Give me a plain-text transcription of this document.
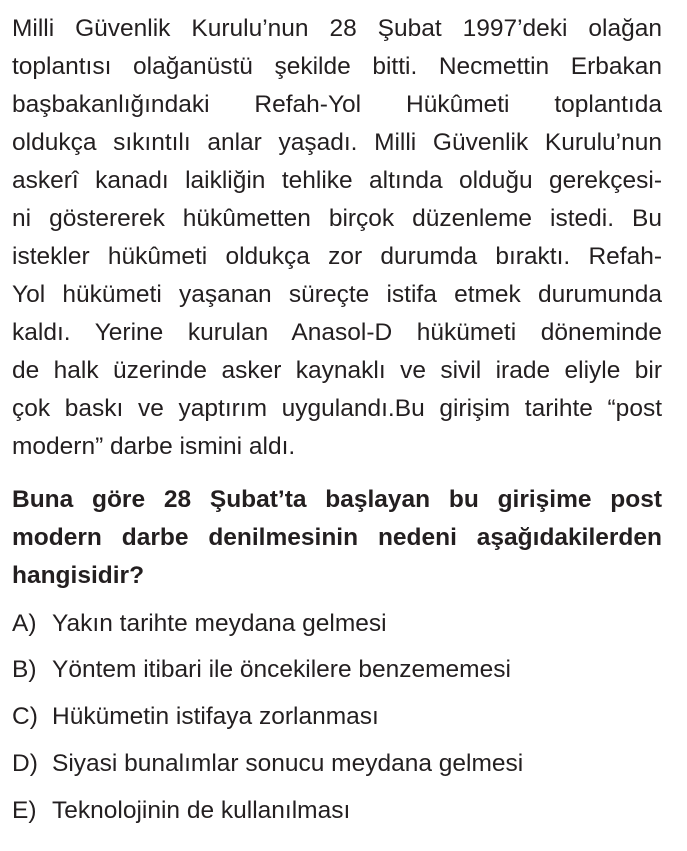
Milli Güvenlik Kurulu’nun 28 Şubat 1997’deki olağan
toplantısı olağanüstü şekilde bitti. Necmettin Erbakan
başbakanlığındaki Refah-Yol Hükûmeti toplantıda
oldukça sıkıntılı anlar yaşadı. Milli Güvenlik Kurulu’nun
askerî kanadı laikliğin tehlike altında olduğu gerekçesi-
ni göstererek hükûmetten birçok düzenleme istedi. Bu
istekler hükûmeti oldukça zor durumda bıraktı. Refah-
Yol hükümeti yaşanan süreçte istifa etmek durumunda
kaldı. Yerine kurulan Anasol-D hükümeti döneminde
de halk üzerinde asker kaynaklı ve sivil irade eliyle bir
çok baskı ve yaptırım uygulandı.Bu girişim tarihte “post
modern” darbe ismini aldı.
Buna göre 28 Şubat’ta başlayan bu girişime post
modern darbe denilmesinin nedeni aşağıdakilerden
hangisidir?
A) Yakın tarihte meydana gelmesi
B) Yöntem itibari ile öncekilere benzememesi
C) Hükümetin istifaya zorlanması
D) Siyasi bunalımlar sonucu meydana gelmesi
E) Teknolojinin de kullanılması
